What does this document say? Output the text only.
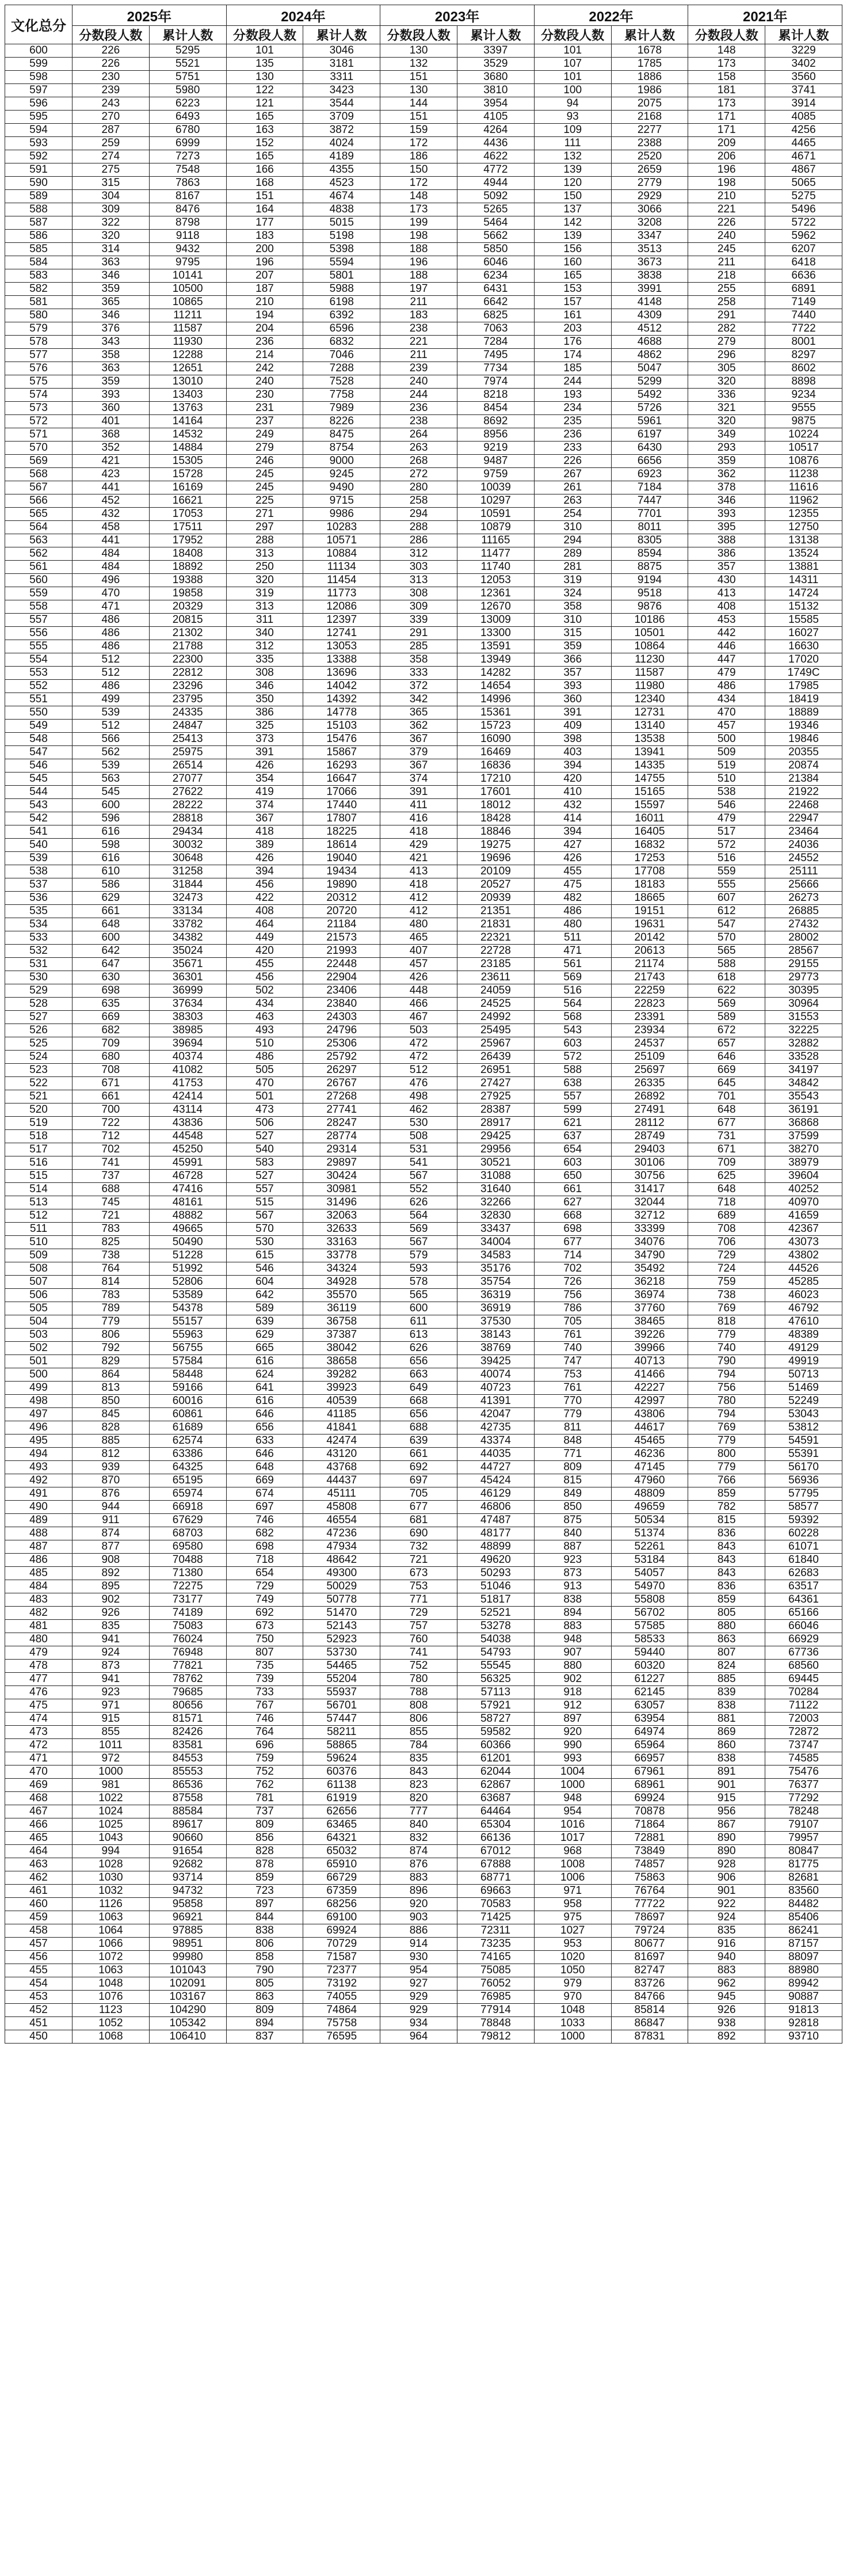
文化总分	2025年		2024年		2023年		2022年		2021年	
	分数段人数	累计人数	分数段人数	累计人数	分数段人数	累计人数	分数段人数	累计人数	分数段人数	累计人数
600	226	5295	101	3046	130	3397	101	1678	148	3229
599	226	5521	135	3181	132	3529	107	1785	173	3402
598	230	5751	130	3311	151	3680	101	1886	158	3560
597	239	5980	122	3423	130	3810	100	1986	181	3741
596	243	6223	121	3544	144	3954	94	2075	173	3914
595	270	6493	165	3709	151	4105	93	2168	171	4085
594	287	6780	163	3872	159	4264	109	2277	171	4256
593	259	6999	152	4024	172	4436	111	2388	209	4465
592	274	7273	165	4189	186	4622	132	2520	206	4671
591	275	7548	166	4355	150	4772	139	2659	196	4867
590	315	7863	168	4523	172	4944	120	2779	198	5065
589	304	8167	151	4674	148	5092	150	2929	210	5275
588	309	8476	164	4838	173	5265	137	3066	221	5496
587	322	8798	177	5015	199	5464	142	3208	226	5722
586	320	9118	183	5198	198	5662	139	3347	240	5962
585	314	9432	200	5398	188	5850	156	3513	245	6207
584	363	9795	196	5594	196	6046	160	3673	211	6418
583	346	10141	207	5801	188	6234	165	3838	218	6636
582	359	10500	187	5988	197	6431	153	3991	255	6891
581	365	10865	210	6198	211	6642	157	4148	258	7149
580	346	11211	194	6392	183	6825	161	4309	291	7440
579	376	11587	204	6596	238	7063	203	4512	282	7722
578	343	11930	236	6832	221	7284	176	4688	279	8001
577	358	12288	214	7046	211	7495	174	4862	296	8297
576	363	12651	242	7288	239	7734	185	5047	305	8602
575	359	13010	240	7528	240	7974	244	5299	320	8898
574	393	13403	230	7758	244	8218	193	5492	336	9234
573	360	13763	231	7989	236	8454	234	5726	321	9555
572	401	14164	237	8226	238	8692	235	5961	320	9875
571	368	14532	249	8475	264	8956	236	6197	349	10224
570	352	14884	279	8754	263	9219	233	6430	293	10517
569	421	15305	246	9000	268	9487	226	6656	359	10876
568	423	15728	245	9245	272	9759	267	6923	362	11238
567	441	16169	245	9490	280	10039	261	7184	378	11616
566	452	16621	225	9715	258	10297	263	7447	346	11962
565	432	17053	271	9986	294	10591	254	7701	393	12355
564	458	17511	297	10283	288	10879	310	8011	395	12750
563	441	17952	288	10571	286	11165	294	8305	388	13138
562	484	18408	313	10884	312	11477	289	8594	386	13524
561	484	18892	250	11134	303	11740	281	8875	357	13881
560	496	19388	320	11454	313	12053	319	9194	430	14311
559	470	19858	319	11773	308	12361	324	9518	413	14724
558	471	20329	313	12086	309	12670	358	9876	408	15132
557	486	20815	311	12397	339	13009	310	10186	453	15585
556	486	21302	340	12741	291	13300	315	10501	442	16027
555	486	21788	312	13053	285	13591	359	10864	446	16630
554	512	22300	335	13388	358	13949	366	11230	447	17020
553	512	22812	308	13696	333	14282	357	11587	479	1749C
552	486	23296	346	14042	372	14654	393	11980	486	17985
551	499	23795	350	14392	342	14996	360	12340	434	18419
550	539	24335	386	14778	365	15361	391	12731	470	18889
549	512	24847	325	15103	362	15723	409	13140	457	19346
548	566	25413	373	15476	367	16090	398	13538	500	19846
547	562	25975	391	15867	379	16469	403	13941	509	20355
546	539	26514	426	16293	367	16836	394	14335	519	20874
545	563	27077	354	16647	374	17210	420	14755	510	21384
544	545	27622	419	17066	391	17601	410	15165	538	21922
543	600	28222	374	17440	411	18012	432	15597	546	22468
542	596	28818	367	17807	416	18428	414	16011	479	22947
541	616	29434	418	18225	418	18846	394	16405	517	23464
540	598	30032	389	18614	429	19275	427	16832	572	24036
539	616	30648	426	19040	421	19696	426	17253	516	24552
538	610	31258	394	19434	413	20109	455	17708	559	25111
537	586	31844	456	19890	418	20527	475	18183	555	25666
536	629	32473	422	20312	412	20939	482	18665	607	26273
535	661	33134	408	20720	412	21351	486	19151	612	26885
534	648	33782	464	21184	480	21831	480	19631	547	27432
533	600	34382	449	21573	465	22321	511	20142	570	28002
532	642	35024	420	21993	407	22728	471	20613	565	28567
531	647	35671	455	22448	457	23185	561	21174	588	29155
530	630	36301	456	22904	426	23611	569	21743	618	29773
529	698	36999	502	23406	448	24059	516	22259	622	30395
528	635	37634	434	23840	466	24525	564	22823	569	30964
527	669	38303	463	24303	467	24992	568	23391	589	31553
526	682	38985	493	24796	503	25495	543	23934	672	32225
525	709	39694	510	25306	472	25967	603	24537	657	32882
524	680	40374	486	25792	472	26439	572	25109	646	33528
523	708	41082	505	26297	512	26951	588	25697	669	34197
522	671	41753	470	26767	476	27427	638	26335	645	34842
521	661	42414	501	27268	498	27925	557	26892	701	35543
520	700	43114	473	27741	462	28387	599	27491	648	36191
519	722	43836	506	28247	530	28917	621	28112	677	36868
518	712	44548	527	28774	508	29425	637	28749	731	37599
517	702	45250	540	29314	531	29956	654	29403	671	38270
516	741	45991	583	29897	541	30521	603	30106	709	38979
515	737	46728	527	30424	567	31088	650	30756	625	39604
514	688	47416	557	30981	552	31640	661	31417	648	40252
513	745	48161	515	31496	626	32266	627	32044	718	40970
512	721	48882	567	32063	564	32830	668	32712	689	41659
511	783	49665	570	32633	569	33437	698	33399	708	42367
510	825	50490	530	33163	567	34004	677	34076	706	43073
509	738	51228	615	33778	579	34583	714	34790	729	43802
508	764	51992	546	34324	593	35176	702	35492	724	44526
507	814	52806	604	34928	578	35754	726	36218	759	45285
506	783	53589	642	35570	565	36319	756	36974	738	46023
505	789	54378	589	36119	600	36919	786	37760	769	46792
504	779	55157	639	36758	611	37530	705	38465	818	47610
503	806	55963	629	37387	613	38143	761	39226	779	48389
502	792	56755	665	38042	626	38769	740	39966	740	49129
501	829	57584	616	38658	656	39425	747	40713	790	49919
500	864	58448	624	39282	663	40074	753	41466	794	50713
499	813	59166	641	39923	649	40723	761	42227	756	51469
498	850	60016	616	40539	668	41391	770	42997	780	52249
497	845	60861	646	41185	656	42047	779	43806	794	53043
496	828	61689	656	41841	688	42735	811	44617	769	53812
495	885	62574	633	42474	639	43374	848	45465	779	54591
494	812	63386	646	43120	661	44035	771	46236	800	55391
493	939	64325	648	43768	692	44727	809	47145	779	56170
492	870	65195	669	44437	697	45424	815	47960	766	56936
491	876	65974	674	45111	705	46129	849	48809	859	57795
490	944	66918	697	45808	677	46806	850	49659	782	58577
489	911	67629	746	46554	681	47487	875	50534	815	59392
488	874	68703	682	47236	690	48177	840	51374	836	60228
487	877	69580	698	47934	732	48899	887	52261	843	61071
486	908	70488	718	48642	721	49620	923	53184	843	61840
485	892	71380	654	49300	673	50293	873	54057	843	62683
484	895	72275	729	50029	753	51046	913	54970	836	63517
483	902	73177	749	50778	771	51817	838	55808	859	64361
482	926	74189	692	51470	729	52521	894	56702	805	65166
481	835	75083	673	52143	757	53278	883	57585	880	66046
480	941	76024	750	52923	760	54038	948	58533	863	66929
479	924	76948	807	53730	741	54793	907	59440	807	67736
478	873	77821	735	54465	752	55545	880	60320	824	68560
477	941	78762	739	55204	780	56325	902	61227	885	69445
476	923	79685	733	55937	788	57113	918	62145	839	70284
475	971	80656	767	56701	808	57921	912	63057	838	71122
474	915	81571	746	57447	806	58727	897	63954	881	72003
473	855	82426	764	58211	855	59582	920	64974	869	72872
472	1011	83581	696	58865	784	60366	990	65964	860	73747
471	972	84553	759	59624	835	61201	993	66957	838	74585
470	1000	85553	752	60376	843	62044	1004	67961	891	75476
469	981	86536	762	61138	823	62867	1000	68961	901	76377
468	1022	87558	781	61919	820	63687	948	69924	915	77292
467	1024	88584	737	62656	777	64464	954	70878	956	78248
466	1025	89617	809	63465	840	65304	1016	71864	867	79107
465	1043	90660	856	64321	832	66136	1017	72881	890	79957
464	994	91654	828	65032	874	67012	968	73849	890	80847
463	1028	92682	878	65910	876	67888	1008	74857	928	81775
462	1030	93714	859	66729	883	68771	1006	75863	906	82681
461	1032	94732	723	67359	896	69663	971	76764	901	83560
460	1126	95858	897	68256	920	70583	958	77722	922	84482
459	1063	96921	844	69100	903	71425	975	78697	924	85406
458	1064	97885	838	69924	886	72311	1027	79724	835	86241
457	1066	98951	806	70729	914	73235	953	80677	916	87157
456	1072	99980	858	71587	930	74165	1020	81697	940	88097
455	1063	101043	790	72377	954	75085	1050	82747	883	88980
454	1048	102091	805	73192	927	76052	979	83726	962	89942
453	1076	103167	863	74055	929	76985	970	84766	945	90887
452	1123	104290	809	74864	929	77914	1048	85814	926	91813
451	1052	105342	894	75758	934	78848	1033	86847	938	92818
450	1068	106410	837	76595	964	79812	1000	87831	892	93710
